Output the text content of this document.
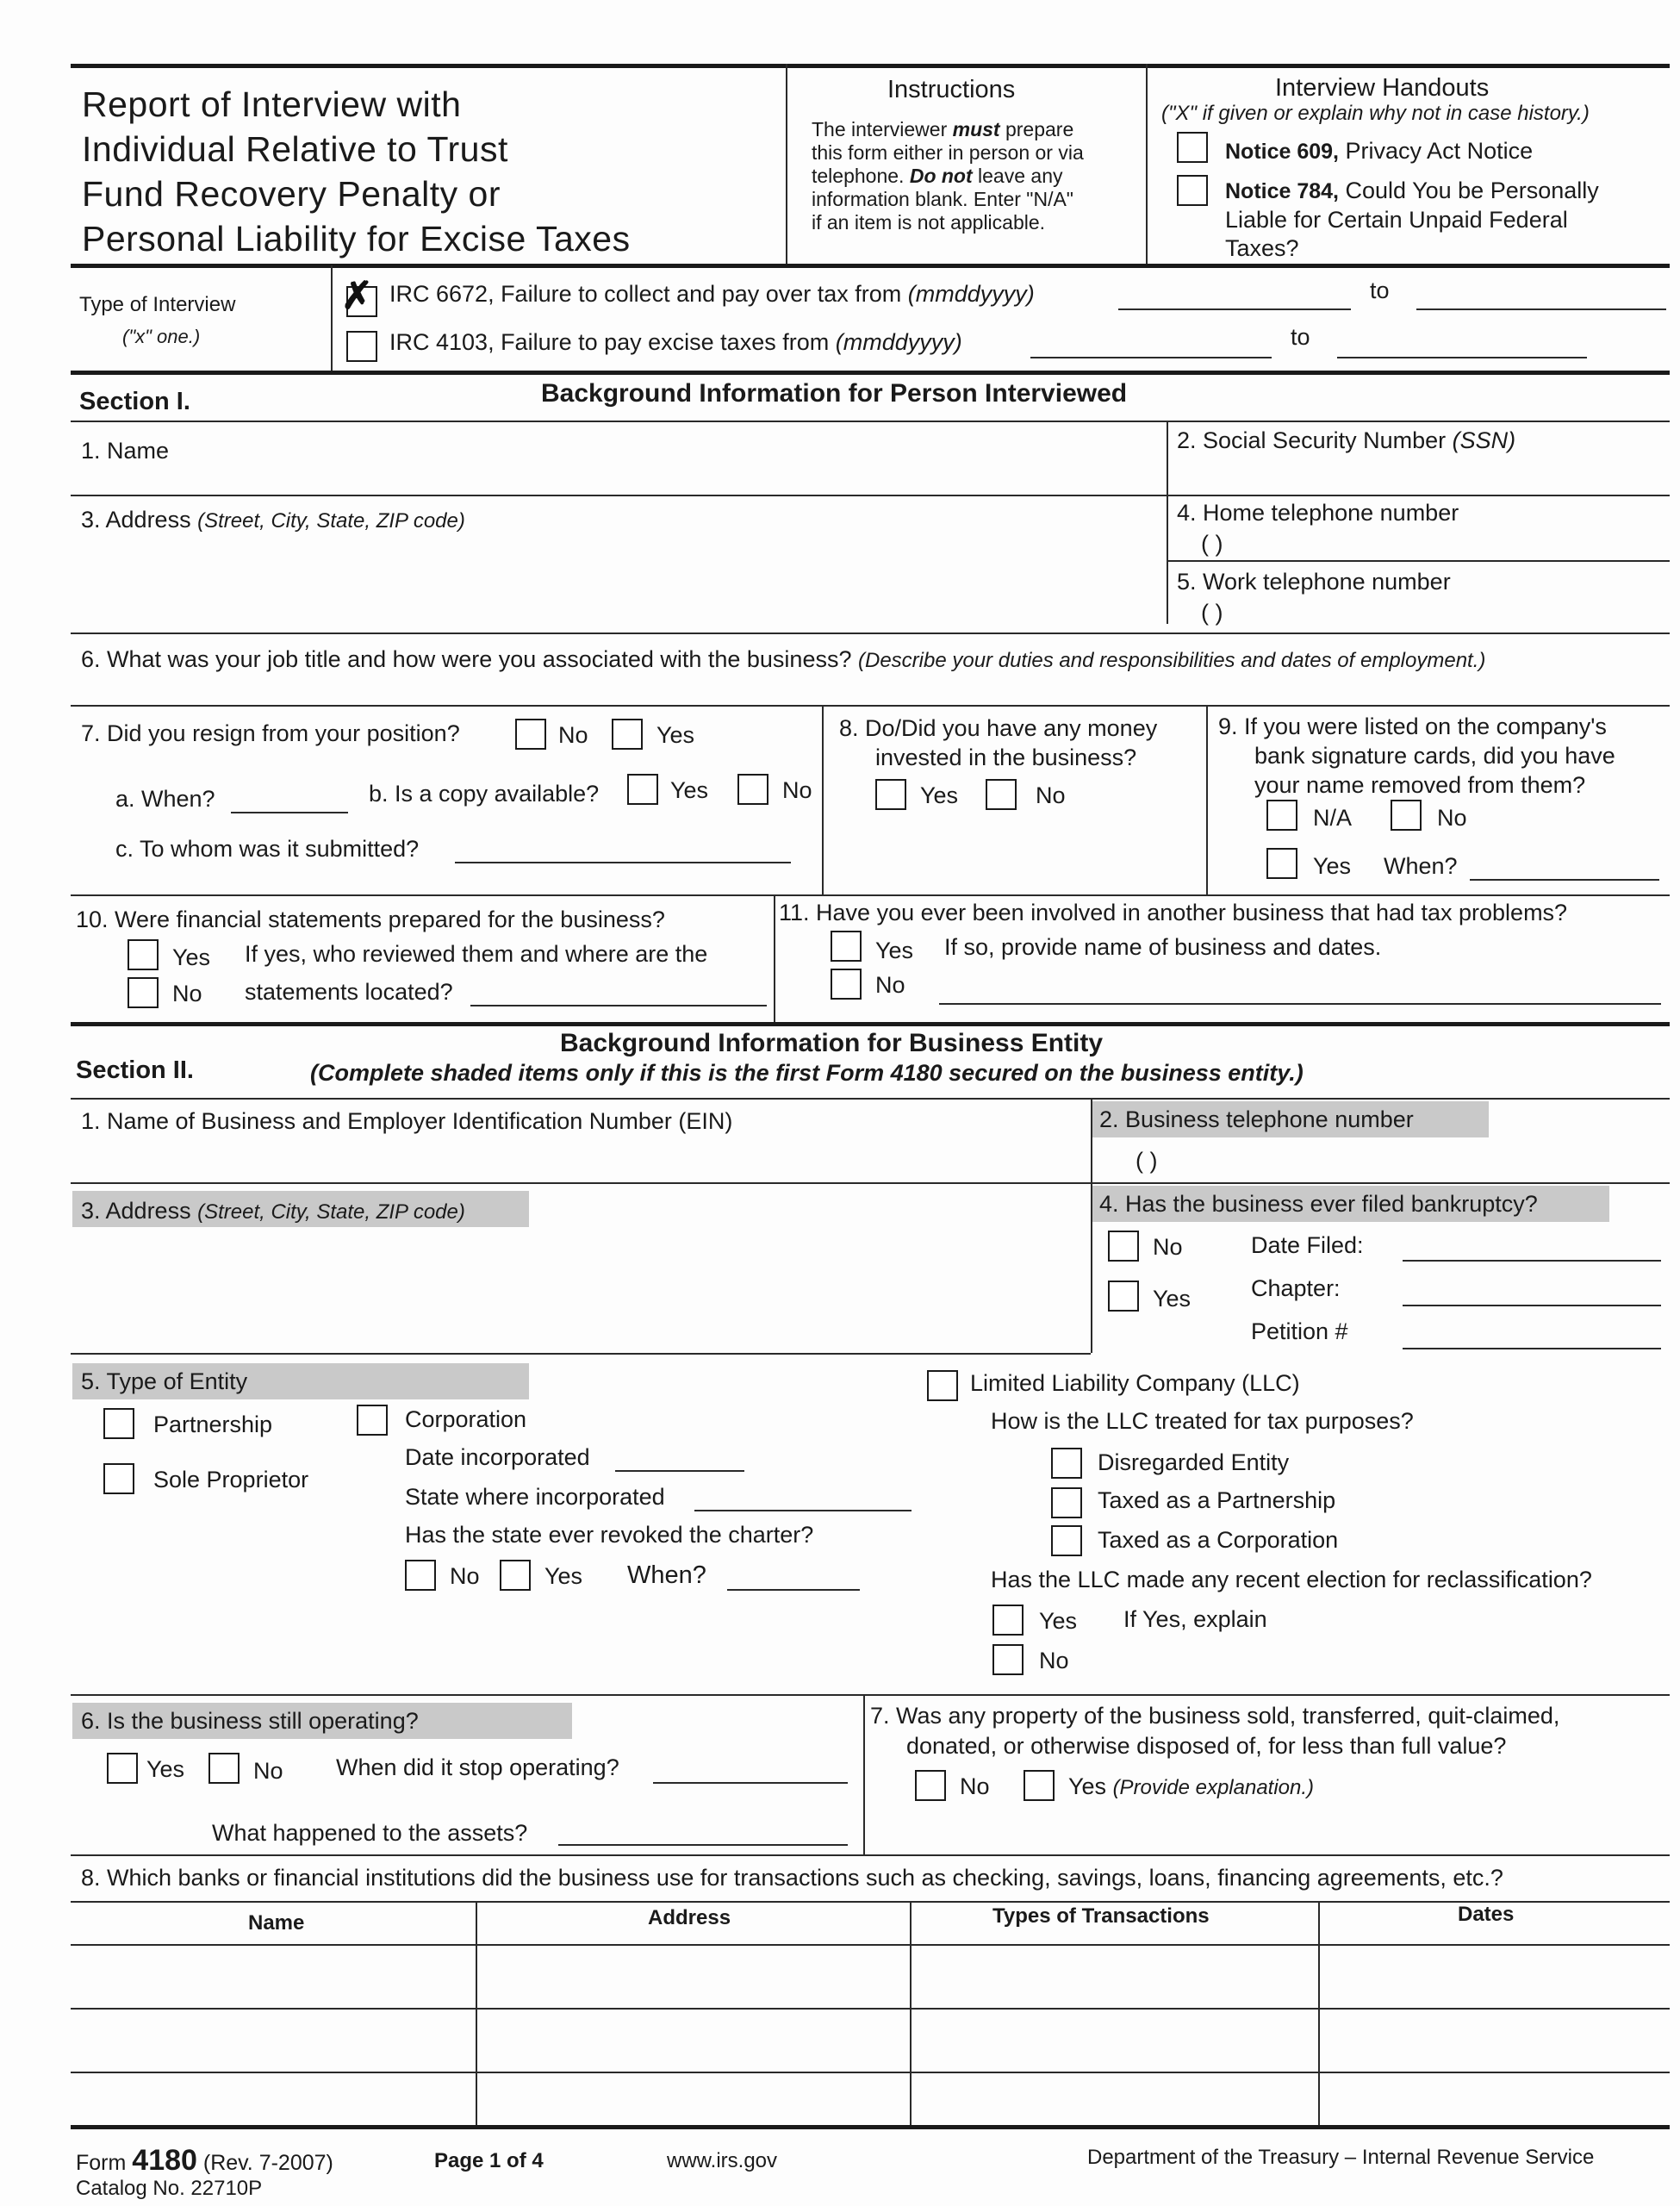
Report of Interview with
Individual Relative to Trust
Fund Recovery Penalty or
Personal Liability for Excise Taxes
Instructions
The interviewer must prepare
this form either in person or via
telephone. Do not leave any
information blank. Enter "N/A"
if an item is not applicable.
Interview Handouts
("X" if given or explain why not in case history.)
Notice 609, Privacy Act Notice
Notice 784, Could You be Personally
Liable for Certain Unpaid Federal
Taxes?
Type of Interview
("x" one.)
✗ IRC 6672, Failure to collect and pay over tax from (mmddyyyy)	to
IRC 4103, Failure to pay excise taxes from (mmddyyyy)	to
Section I.	Background Information for Person Interviewed
1. Name	2. Social Security Number (SSN)
3. Address (Street, City, State, ZIP code)	4. Home telephone number
( )
5. Work telephone number
( )
6. What was your job title and how were you associated with the business? (Describe your duties and responsibilities and dates of employment.)
7. Did you resign from your position?	No	Yes
a. When?	b. Is a copy available?	Yes	No
c. To whom was it submitted?
8. Do/Did you have any money
invested in the business?
Yes	No
9. If you were listed on the company's
bank signature cards, did you have
your name removed from them?
N/A	No
Yes When?
10. Were financial statements prepared for the business?
Yes If yes, who reviewed them and where are the
No statements located?
11. Have you ever been involved in another business that had tax problems?
Yes If so, provide name of business and dates.
No
Section II.
Background Information for Business Entity
(Complete shaded items only if this is the first Form 4180 secured on the business entity.)
1. Name of Business and Employer Identification Number (EIN)	2. Business telephone number
( )
3. Address (Street, City, State, ZIP code)	4. Has the business ever filed bankruptcy?
No	Date Filed:
Yes	Chapter:
Petition #
5. Type of Entity
Partnership
Sole Proprietor
Corporation
Date incorporated
State where incorporated
Has the state ever revoked the charter?
No	Yes When?
Limited Liability Company (LLC)
How is the LLC treated for tax purposes?
Disregarded Entity
Taxed as a Partnership
Taxed as a Corporation
Has the LLC made any recent election for reclassification?
Yes If Yes, explain
No
6. Is the business still operating?
Yes	No When did it stop operating?
What happened to the assets?
7. Was any property of the business sold, transferred, quit-claimed,
donated, or otherwise disposed of, for less than full value?
No	Yes (Provide explanation.)
8. Which banks or financial institutions did the business use for transactions such as checking, savings, loans, financing agreements, etc.?
Name	Address	Types of Transactions	Dates
Form 4180 (Rev. 7-2007)
Catalog No. 22710P
Page 1 of 4	www.irs.gov	Department of the Treasury – Internal Revenue Service
